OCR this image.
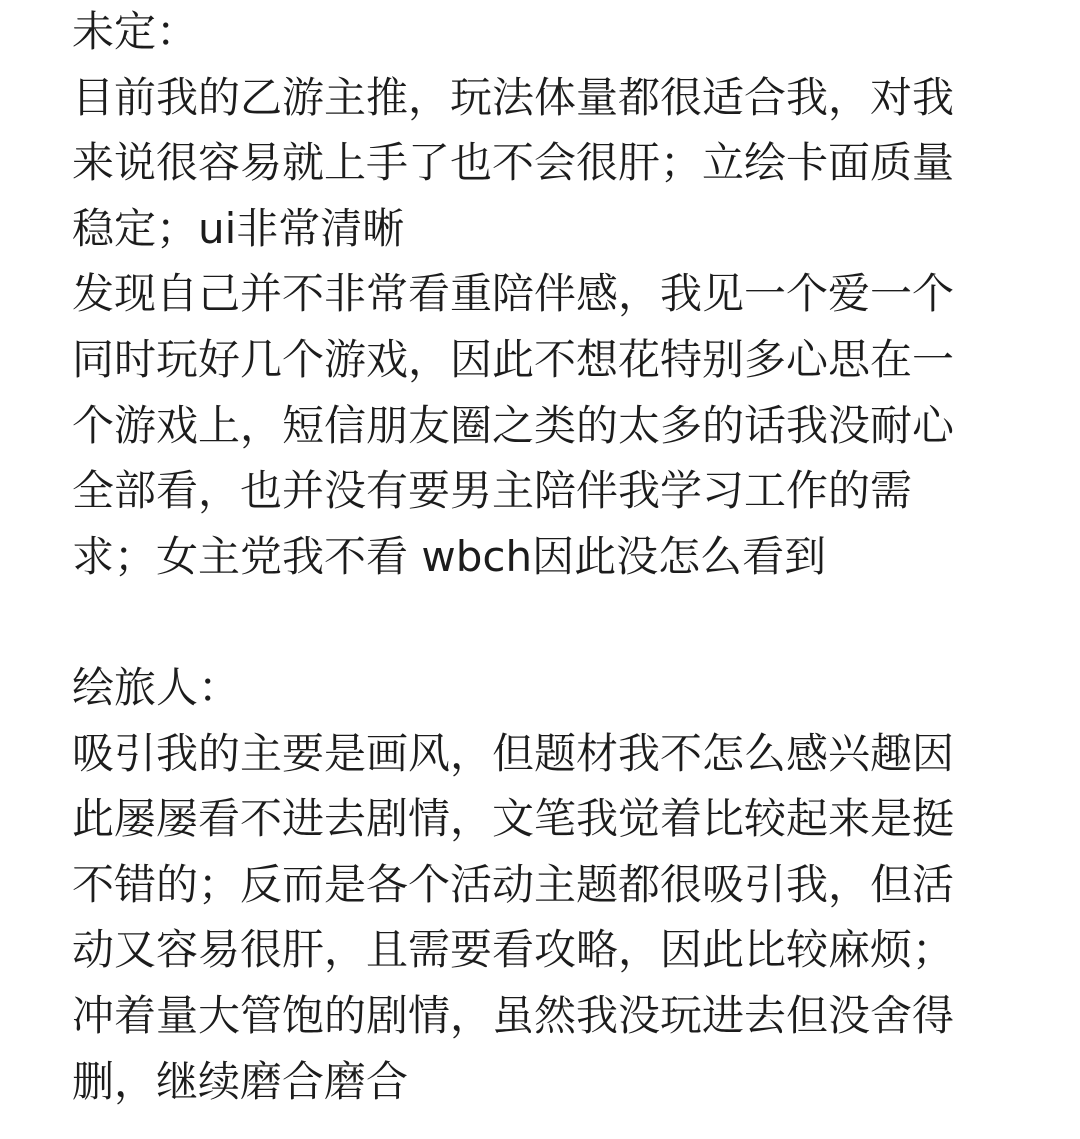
未定：
目前我的乙游主推，玩法体量都很适合我，对我
来说很容易就上手了也不会很肝；立绘卡面质量
稳定；ui非常清晰
发现自己并不非常看重陪伴感，我见一个爱一个
同时玩好几个游戏，因此不想花特别多心思在一
个游戏上，短信朋友圈之类的太多的话我没耐心
全部看，也并没有要男主陪伴我学习工作的需
求；女主党我不看 wbch因此没怎么看到
绘旅人：
吸引我的主要是画风，但题材我不怎么感兴趣因
此屡屡看不进去剧情，文笔我觉着比较起来是挺
不错的；反而是各个活动主题都很吸引我，但活
动又容易很肝，且需要看攻略，因此比较麻烦；
冲着量大管饱的剧情，虽然我没玩进去但没舍得
删，继续磨合磨合
